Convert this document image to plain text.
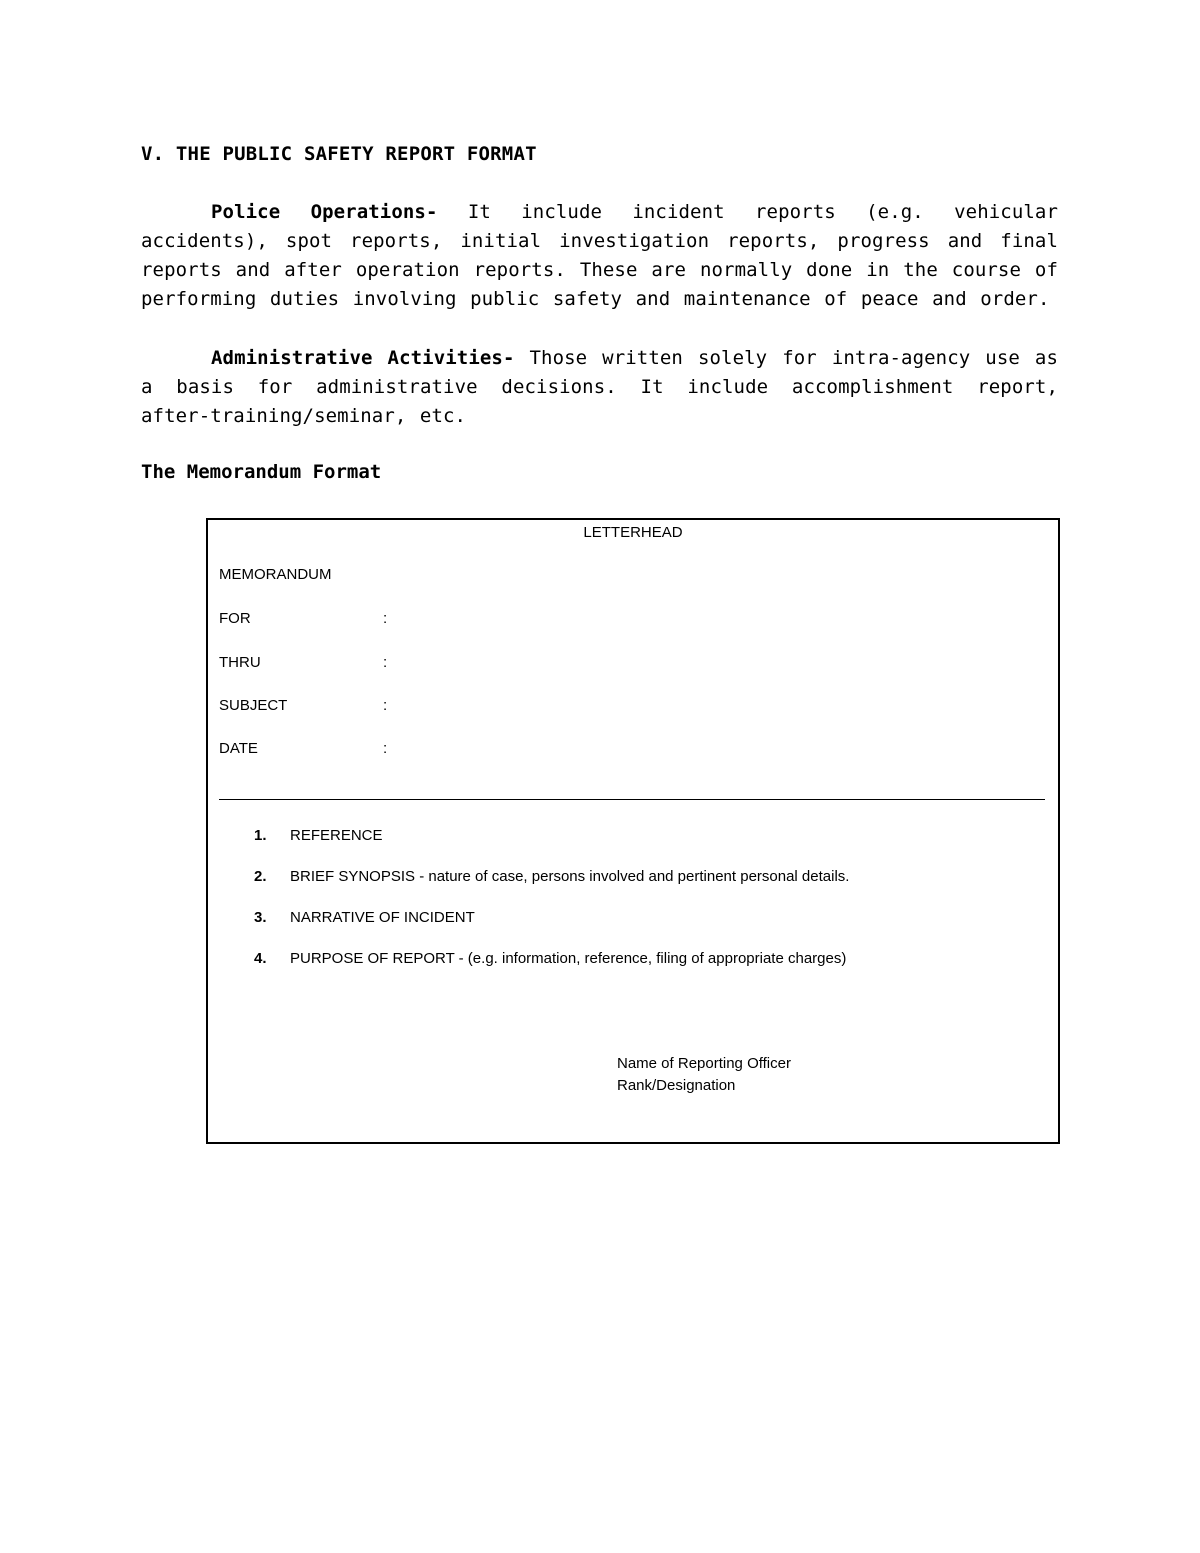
V. THE PUBLIC SAFETY REPORT FORMAT
Police Operations- It include incident reports (e.g. vehicular accidents), spot reports, initial investigation reports, progress and final reports and after operation reports. These are normally done in the course of performing duties involving public safety and maintenance of peace and order.
Administrative Activities- Those written solely for intra-agency use as a basis for administrative decisions. It include accomplishment report, after-training/seminar, etc.
The Memorandum Format
LETTERHEAD
MEMORANDUM
FOR	:
THRU	:
SUBJECT	:
DATE	:
1. REFERENCE
2. BRIEF SYNOPSIS - nature of case, persons involved and pertinent personal details.
3. NARRATIVE OF INCIDENT
4. PURPOSE OF REPORT - (e.g. information, reference, filing of appropriate charges)
Name of Reporting Officer
Rank/Designation
